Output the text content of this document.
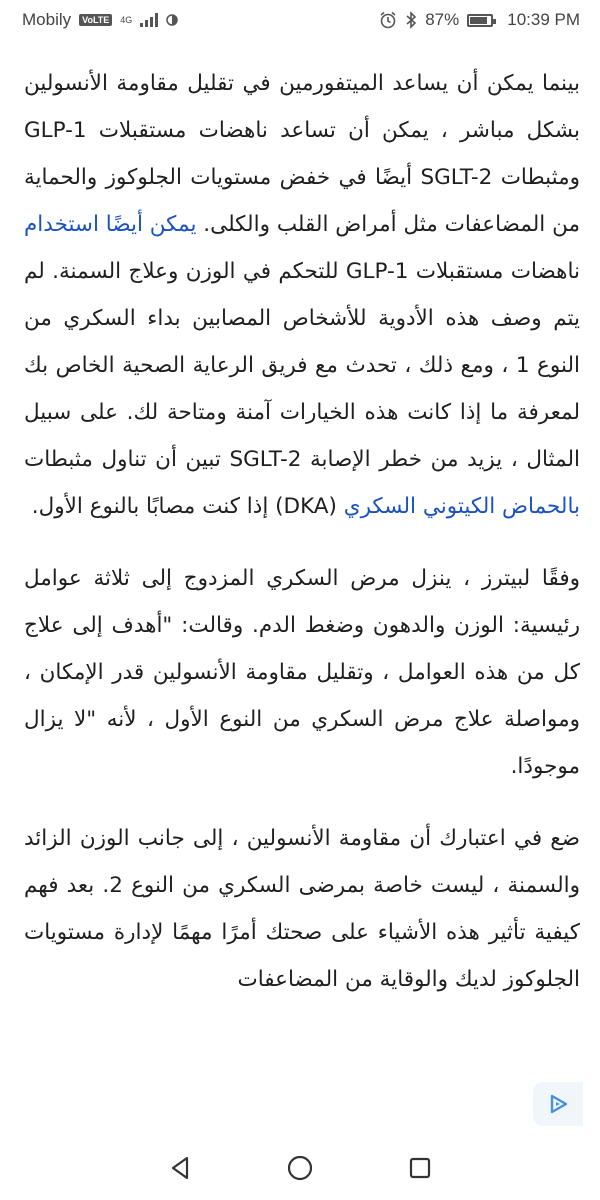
Mobily	VoLTE	4G	87%	10:39 PM

بينما يمكن أن يساعد الميتفورمين في تقليل مقاومة الأنسولين بشكل مباشر ، يمكن أن تساعد ناهضات مستقبلات GLP-1 ومثبطات SGLT-2 أيضًا في خفض مستويات الجلوكوز والحماية من المضاعفات مثل أمراض القلب والكلى. يمكن أيضًا استخدام ناهضات مستقبلات GLP-1 للتحكم في الوزن وعلاج السمنة. لم يتم وصف هذه الأدوية للأشخاص المصابين بداء السكري من النوع 1 ، ومع ذلك ، تحدث مع فريق الرعاية الصحية الخاص بك لمعرفة ما إذا كانت هذه الخيارات آمنة ومتاحة لك. على سبيل المثال ، يزيد من خطر الإصابة SGLT-2 تبين أن تناول مثبطات بالحماض الكيتوني السكري (DKA) إذا كنت مصابًا بالنوع الأول.

وفقًا لبيترز ، ينزل مرض السكري المزدوج إلى ثلاثة عوامل رئيسية: الوزن والدهون وضغط الدم. وقالت: "أهدف إلى علاج كل من هذه العوامل ، وتقليل مقاومة الأنسولين قدر الإمكان ، ومواصلة علاج مرض السكري من النوع الأول ، لأنه "لا يزال موجودًا.

ضع في اعتبارك أن مقاومة الأنسولين ، إلى جانب الوزن الزائد والسمنة ، ليست خاصة بمرضى السكري من النوع 2. بعد فهم كيفية تأثير هذه الأشياء على صحتك أمرًا مهمًا لإدارة مستويات الجلوكوز لديك والوقاية من المضاعفات
